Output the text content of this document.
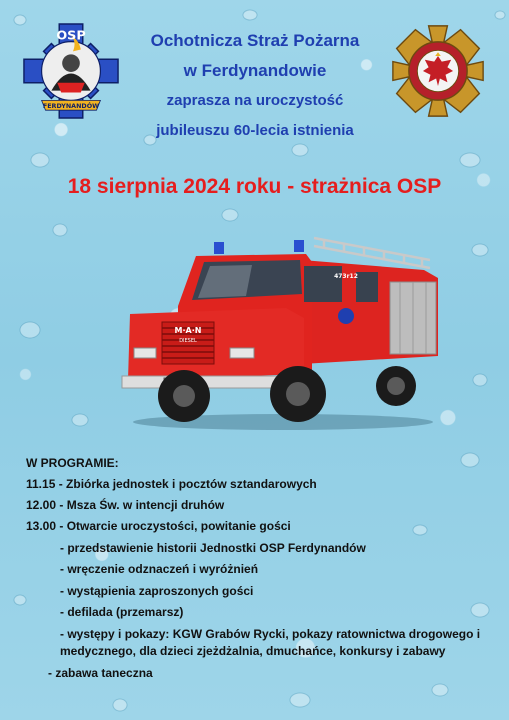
OSP
FERDYNANDÓW
Ochotnicza Straż Pożarna
w Ferdynandowie
zaprasza na uroczystość
jubileuszu 60-lecia istnienia
18 sierpnia 2024 roku - strażnica OSP
M·A·N
DIESEL
473r12
W PROGRAMIE:
11.15 - Zbiórka jednostek i pocztów sztandarowych
12.00 - Msza Św. w intencji druhów
13.00 - Otwarcie uroczystości, powitanie gości
- przedstawienie historii Jednostki OSP Ferdynandów
- wręczenie odznaczeń i wyróżnień
- wystąpienia zaproszonych gości
- defilada (przemarsz)
- występy i pokazy: KGW Grabów Rycki, pokazy ratownictwa drogowego i medycznego, dla dzieci zjeżdżalnia, dmuchańce, konkursy i zabawy
- zabawa taneczna
